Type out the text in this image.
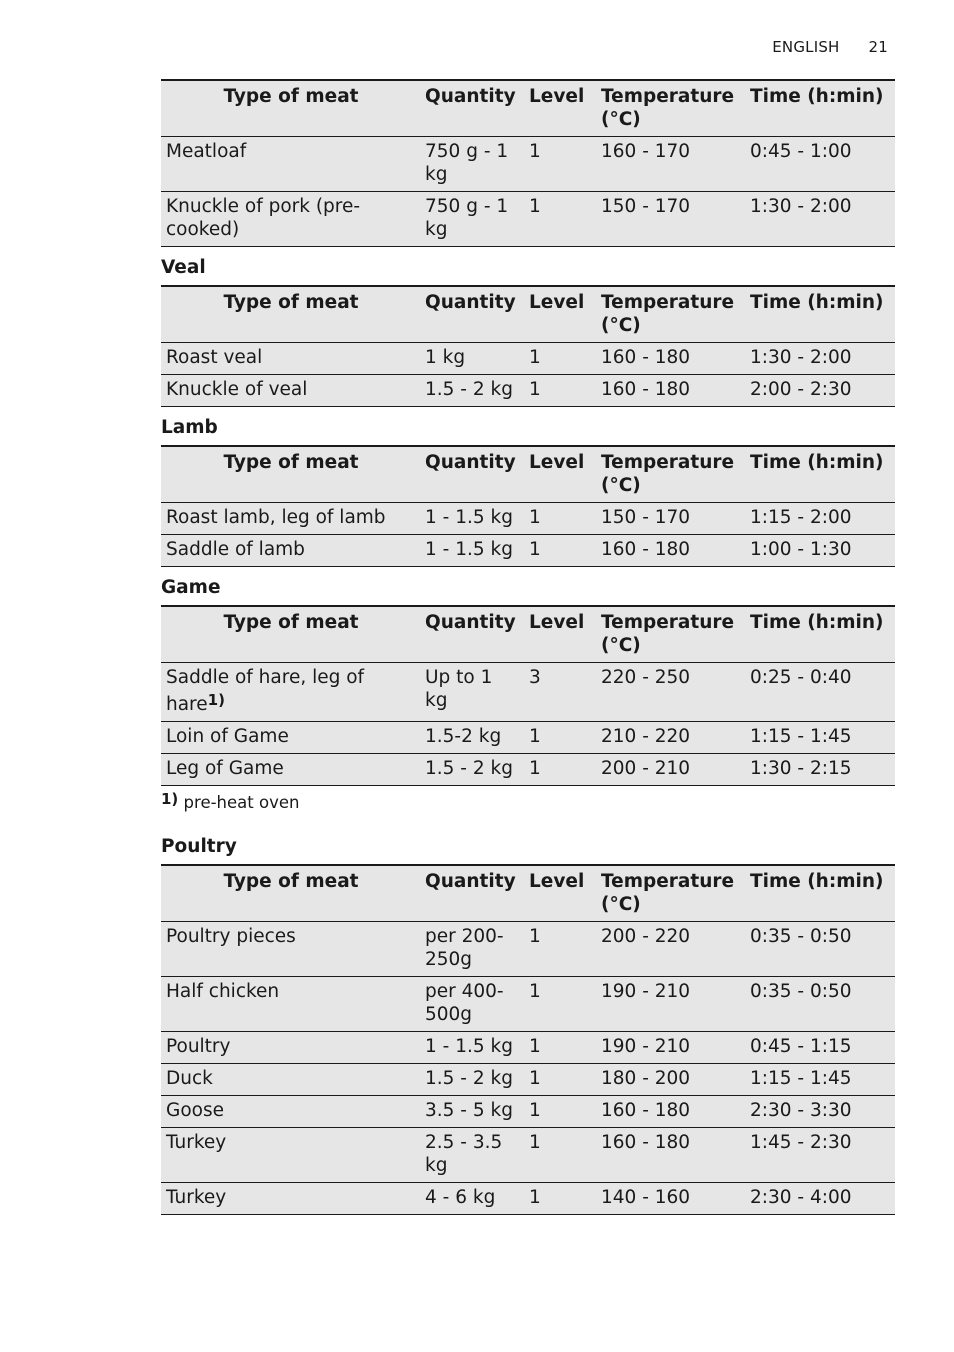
ENGLISH 21
Type of meat	Quantity	Level	Temperature (°C)	Time (h:min)
Meatloaf	750 g - 1 kg	1	160 - 170	0:45 - 1:00
Knuckle of pork (pre-cooked)	750 g - 1 kg	1	150 - 170	1:30 - 2:00
Veal
Type of meat	Quantity	Level	Temperature (°C)	Time (h:min)
Roast veal	1 kg	1	160 - 180	1:30 - 2:00
Knuckle of veal	1.5 - 2 kg	1	160 - 180	2:00 - 2:30
Lamb
Type of meat	Quantity	Level	Temperature (°C)	Time (h:min)
Roast lamb, leg of lamb	1 - 1.5 kg	1	150 - 170	1:15 - 2:00
Saddle of lamb	1 - 1.5 kg	1	160 - 180	1:00 - 1:30
Game
Type of meat	Quantity	Level	Temperature (°C)	Time (h:min)
Saddle of hare, leg of hare$^{1)}$	Up to 1 kg	3	220 - 250	0:25 - 0:40
Loin of Game	1.5-2 kg	1	210 - 220	1:15 - 1:45
Leg of Game	1.5 - 2 kg	1	200 - 210	1:30 - 2:15
1) pre-heat oven
Poultry
Type of meat	Quantity	Level	Temperature (°C)	Time (h:min)
Poultry pieces	per 200-250g	1	200 - 220	0:35 - 0:50
Half chicken	per 400-500g	1	190 - 210	0:35 - 0:50
Poultry	1 - 1.5 kg	1	190 - 210	0:45 - 1:15
Duck	1.5 - 2 kg	1	180 - 200	1:15 - 1:45
Goose	3.5 - 5 kg	1	160 - 180	2:30 - 3:30
Turkey	2.5 - 3.5 kg	1	160 - 180	1:45 - 2:30
Turkey	4 - 6 kg	1	140 - 160	2:30 - 4:00
